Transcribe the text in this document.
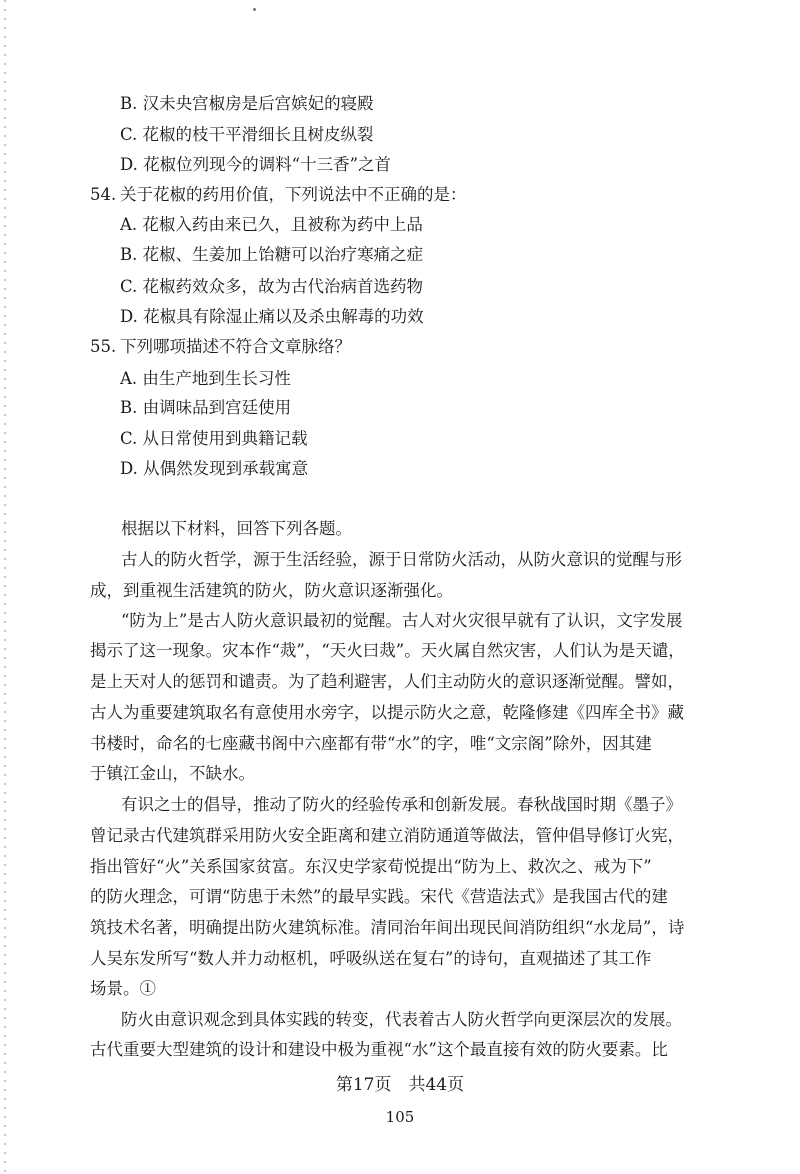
B. 汉未央宫椒房是后宫嫔妃的寝殿
C. 花椒的枝干平滑细长且树皮纵裂
D. 花椒位列现今的调料“十三香”之首
54. 关于花椒的药用价值，下列说法中不正确的是：
A. 花椒入药由来已久，且被称为药中上品
B. 花椒、生姜加上饴糖可以治疗寒痛之症
C. 花椒药效众多，故为古代治病首选药物
D. 花椒具有除湿止痛以及杀虫解毒的功效
55. 下列哪项描述不符合文章脉络？
A. 由生产地到生长习性
B. 由调味品到宫廷使用
C. 从日常使用到典籍记载
D. 从偶然发现到承载寓意
根据以下材料，回答下列各题。
古人的防火哲学，源于生活经验，源于日常防火活动，从防火意识的觉醒与形
成，到重视生活建筑的防火，防火意识逐渐强化。
“防为上”是古人防火意识最初的觉醒。古人对火灾很早就有了认识，文字发展
揭示了这一现象。灾本作“烖”，“天火曰烖”。天火属自然灾害，人们认为是天谴，
是上天对人的惩罚和谴责。为了趋利避害，人们主动防火的意识逐渐觉醒。譬如，
古人为重要建筑取名有意使用水旁字，以提示防火之意，乾隆修建《四库全书》藏
书楼时，命名的七座藏书阁中六座都有带“水”的字，唯“文宗阁”除外，因其建
于镇江金山，不缺水。
有识之士的倡导，推动了防火的经验传承和创新发展。春秋战国时期《墨子》
曾记录古代建筑群采用防火安全距离和建立消防通道等做法，管仲倡导修订火宪，
指出管好“火”关系国家贫富。东汉史学家荀悦提出“防为上、救次之、戒为下”
的防火理念，可谓“防患于未然”的最早实践。宋代《营造法式》是我国古代的建
筑技术名著，明确提出防火建筑标准。清同治年间出现民间消防组织“水龙局”，诗
人吴东发所写“数人并力动枢机，呼吸纵送在复右”的诗句，直观描述了其工作
场景。①
防火由意识观念到具体实践的转变，代表着古人防火哲学向更深层次的发展。
古代重要大型建筑的设计和建设中极为重视“水”这个最直接有效的防火要素。比
第17页　共44页
105
